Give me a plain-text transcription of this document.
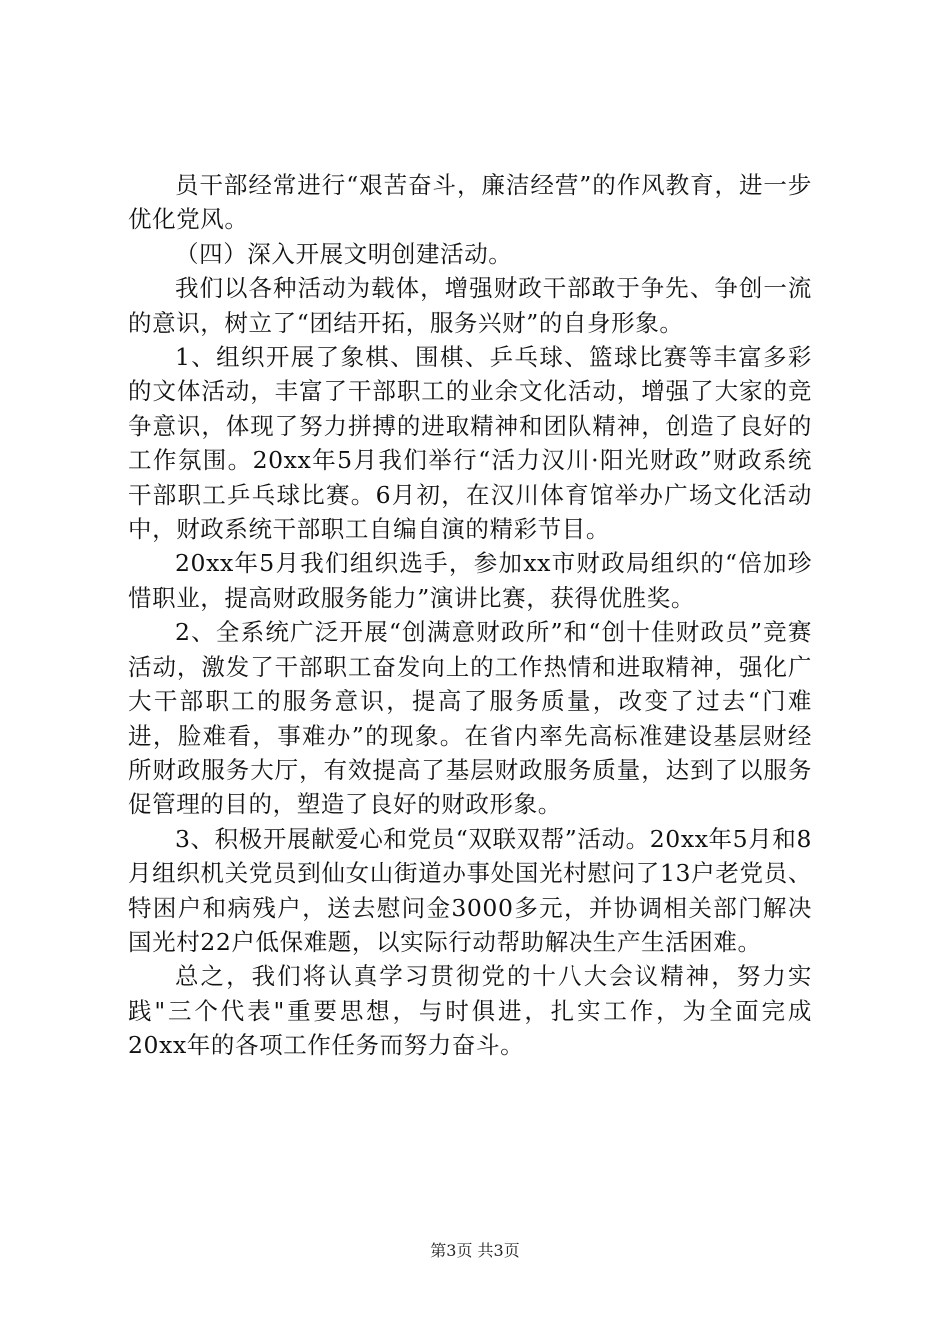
员干部经常进行“艰苦奋斗，廉洁经营”的作风教育，进一步优化党风。

（四）深入开展文明创建活动。

我们以各种活动为载体，增强财政干部敢于争先、争创一流的意识，树立了“团结开拓，服务兴财”的自身形象。

1、组织开展了象棋、围棋、乒乓球、篮球比赛等丰富多彩的文体活动，丰富了干部职工的业余文化活动，增强了大家的竞争意识，体现了努力拼搏的进取精神和团队精神，创造了良好的工作氛围。20xx年5月我们举行“活力汉川·阳光财政”财政系统干部职工乒乓球比赛。6月初，在汉川体育馆举办广场文化活动中，财政系统干部职工自编自演的精彩节目。

20xx年5月我们组织选手，参加xx市财政局组织的“倍加珍惜职业，提高财政服务能力”演讲比赛，获得优胜奖。

2、全系统广泛开展“创满意财政所”和“创十佳财政员”竞赛活动，激发了干部职工奋发向上的工作热情和进取精神，强化广大干部职工的服务意识，提高了服务质量，改变了过去“门难进，脸难看，事难办”的现象。在省内率先高标准建设基层财经所财政服务大厅，有效提高了基层财政服务质量，达到了以服务促管理的目的，塑造了良好的财政形象。

3、积极开展献爱心和党员“双联双帮”活动。20xx年5月和8月组织机关党员到仙女山街道办事处国光村慰问了13户老党员、特困户和病残户，送去慰问金3000多元，并协调相关部门解决国光村22户低保难题，以实际行动帮助解决生产生活困难。

总之，我们将认真学习贯彻党的十八大会议精神，努力实践"三个代表"重要思想，与时俱进，扎实工作，为全面完成20xx年的各项工作任务而努力奋斗。

第3页 共3页
